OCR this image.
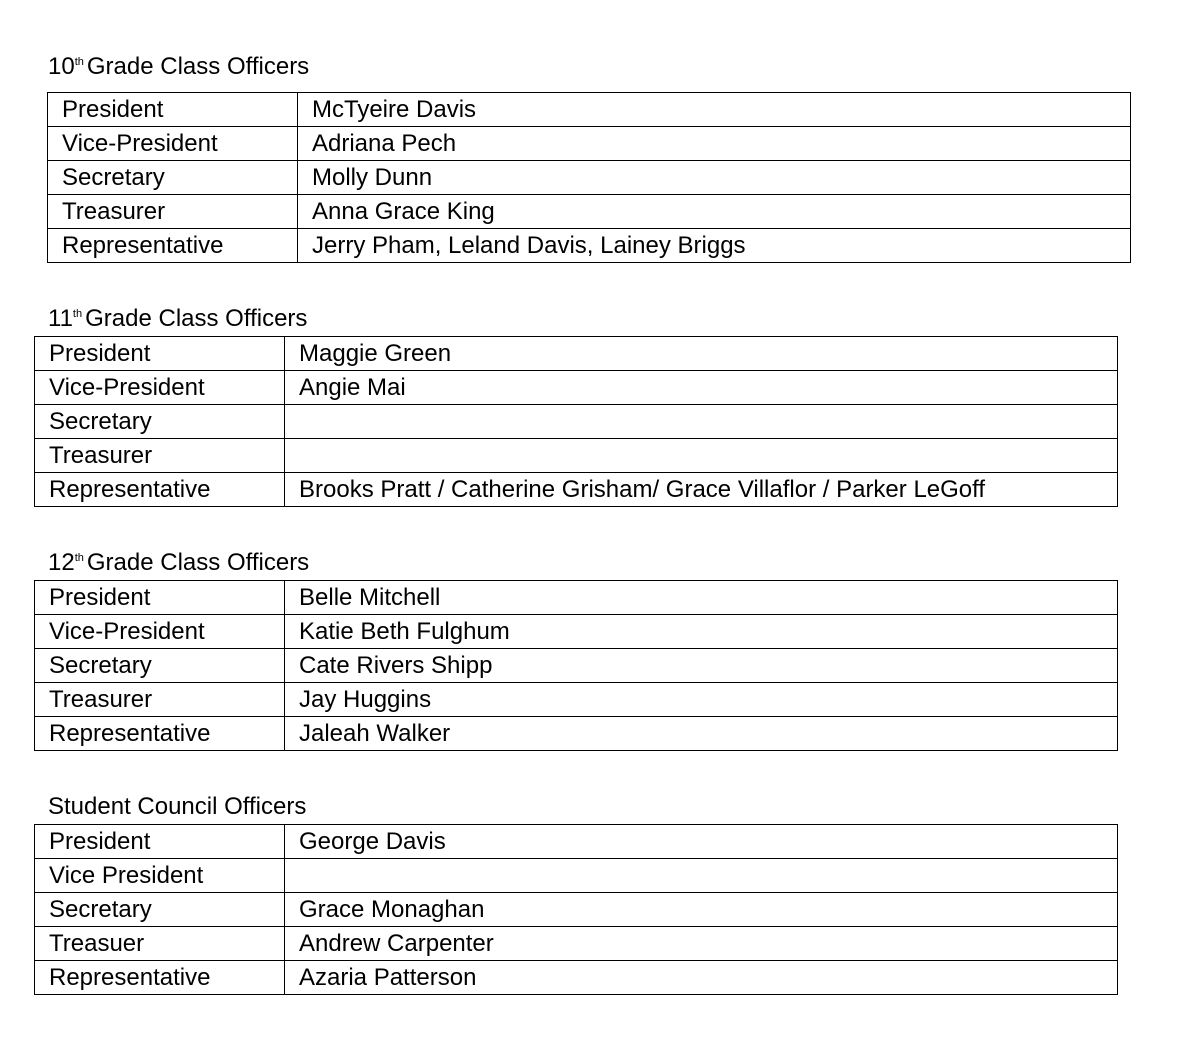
10th Grade Class Officers
President	McTyeire Davis
Vice-President	Adriana Pech
Secretary	Molly Dunn
Treasurer	Anna Grace King
Representative	Jerry Pham, Leland Davis, Lainey Briggs
11th Grade Class Officers
President	Maggie Green
Vice-President	Angie Mai
Secretary	
Treasurer	
Representative	Brooks Pratt / Catherine Grisham/ Grace Villaflor / Parker LeGoff
12th Grade Class Officers
President	Belle Mitchell
Vice-President	Katie Beth Fulghum
Secretary	Cate Rivers Shipp
Treasurer	Jay Huggins
Representative	Jaleah Walker
Student Council Officers
President	George Davis
Vice President	
Secretary	Grace Monaghan
Treasuer	Andrew Carpenter
Representative	Azaria Patterson
